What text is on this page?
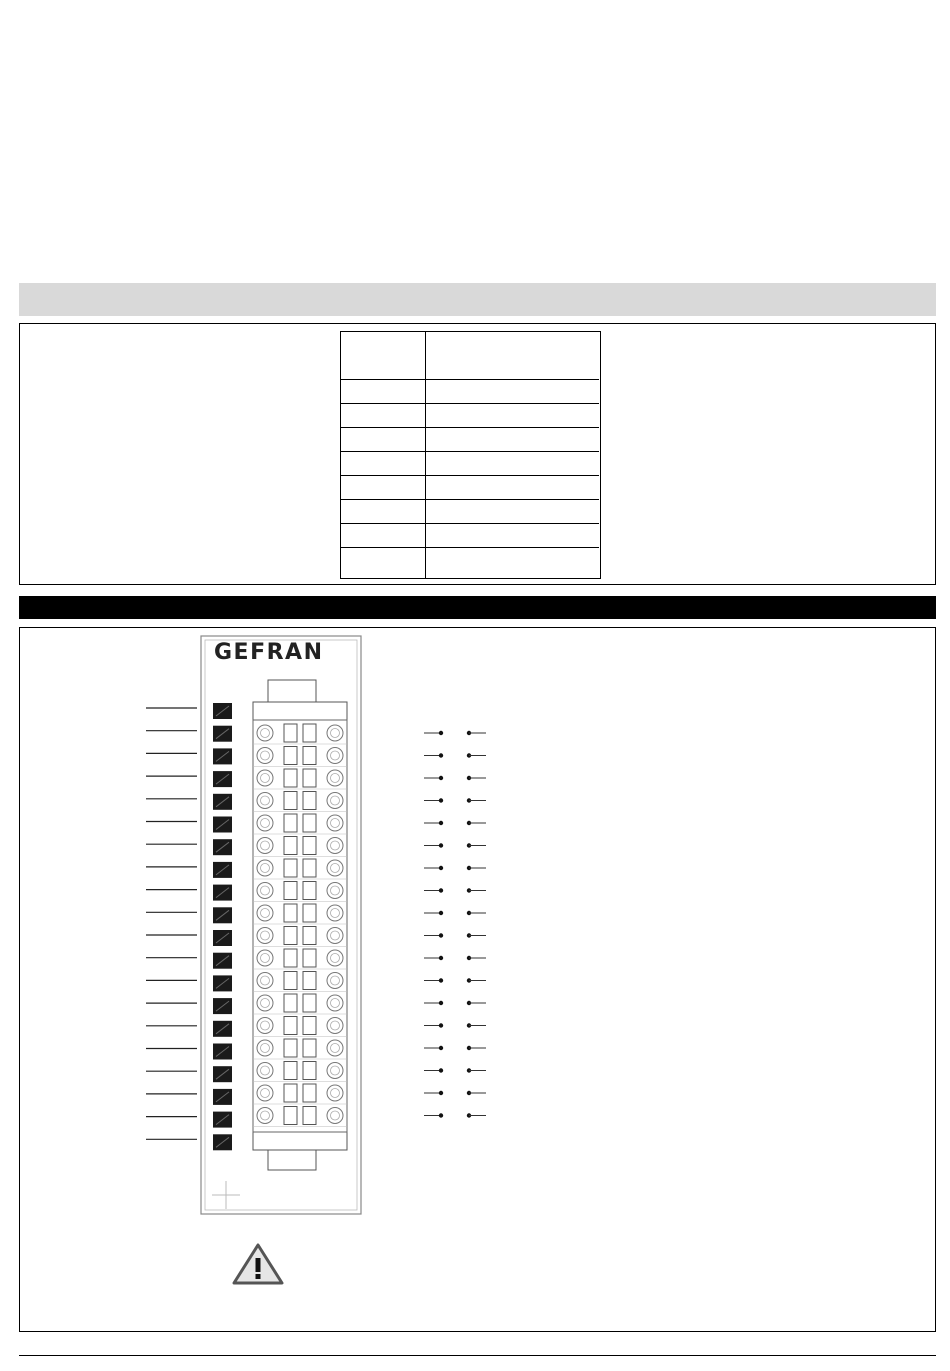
GEFRAN
